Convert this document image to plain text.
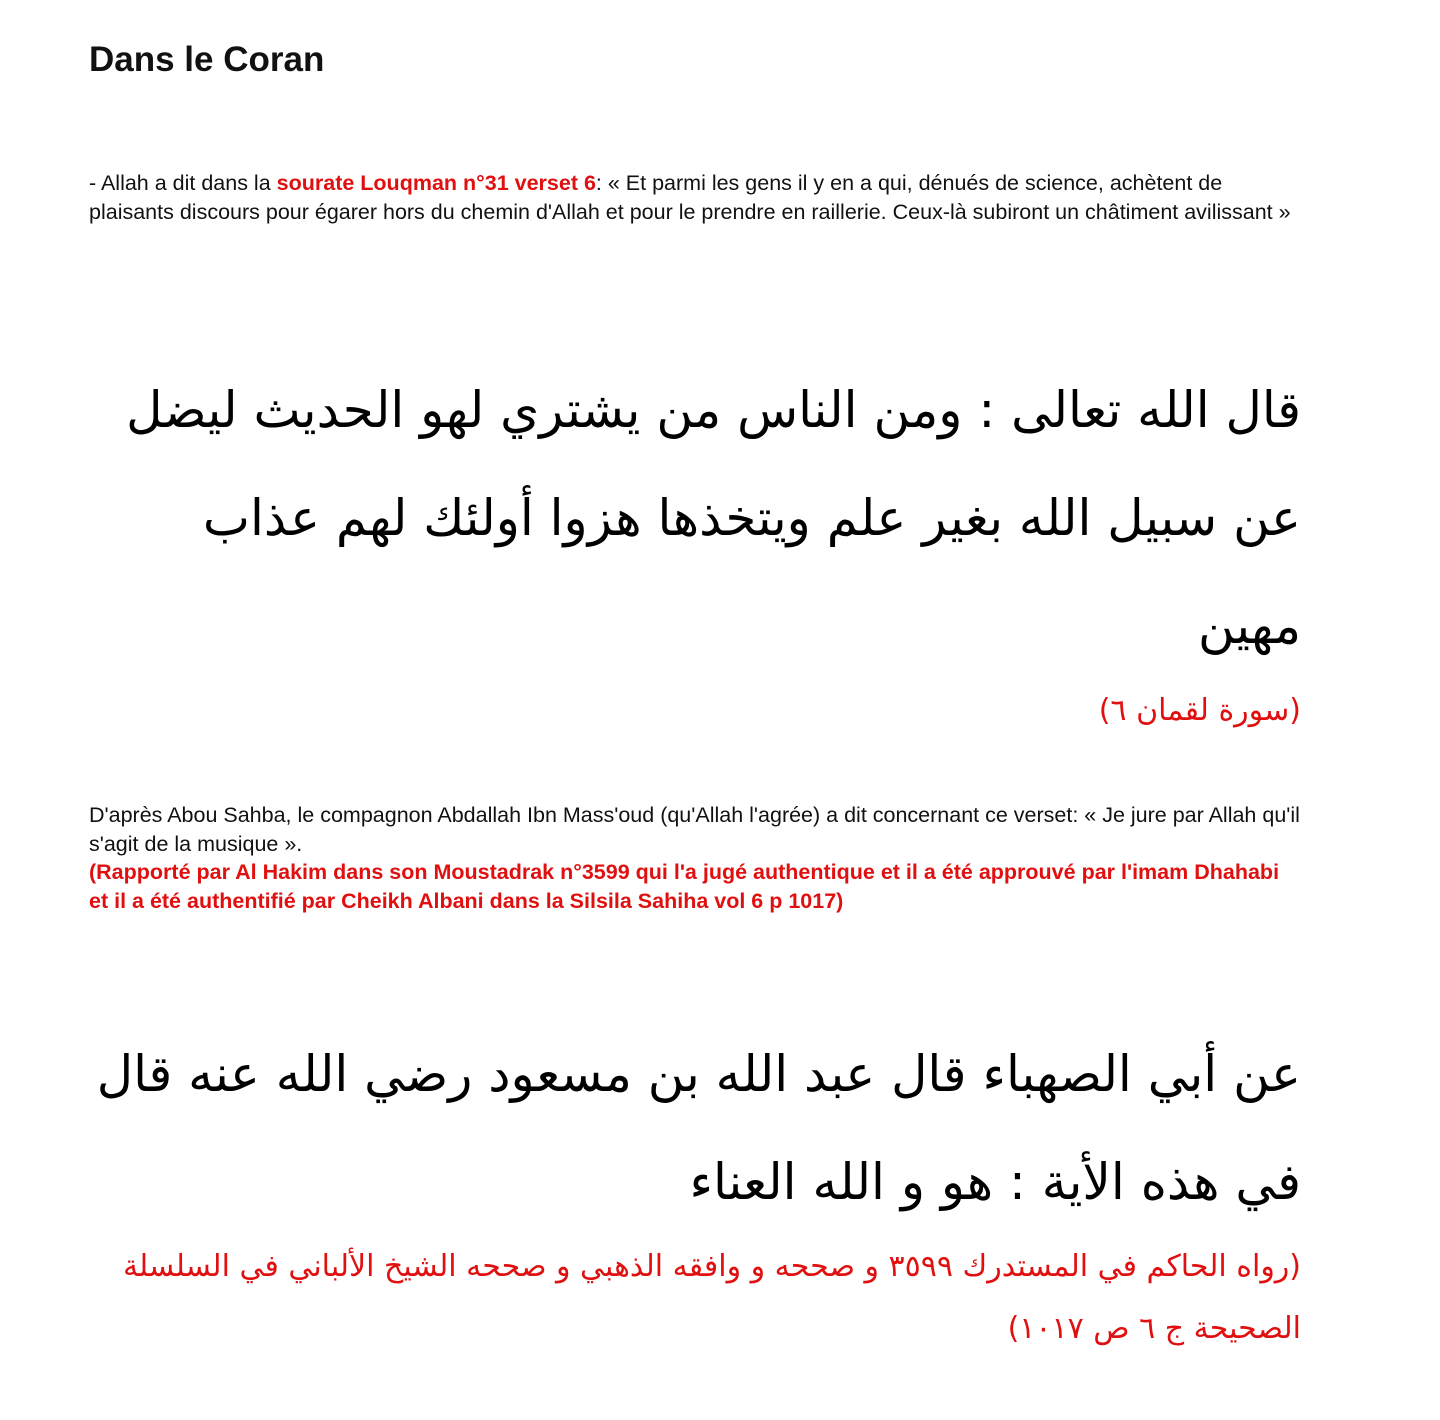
Dans le Coran

- Allah a dit dans la sourate Louqman n°31 verset 6: « Et parmi les gens il y en a qui, dénués de science, achètent de plaisants discours pour égarer hors du chemin d'Allah et pour le prendre en raillerie. Ceux-là subiront un châtiment avilissant »

قال الله تعالى : ومن الناس من يشتري لهو الحديث ليضل عن سبيل الله بغير علم ويتخذها هزوا أولئك لهم عذاب مهين

(سورة لقمان ٦)

D'après Abou Sahba, le compagnon Abdallah Ibn Mass'oud (qu'Allah l'agrée) a dit concernant ce verset: « Je jure par Allah qu'il s'agit de la musique ».
(Rapporté par Al Hakim dans son Moustadrak n°3599 qui l'a jugé authentique et il a été approuvé par l'imam Dhahabi et il a été authentifié par Cheikh Albani dans la Silsila Sahiha vol 6 p 1017)

عن أبي الصهباء قال عبد الله بن مسعود رضي الله عنه قال في هذه الأية : هو و الله العناء

(رواه الحاكم في المستدرك ٣٥٩٩ و صححه و وافقه الذهبي و صححه الشيخ الألباني في السلسلة الصحيحة ج ٦ ص ١٠١٧)
